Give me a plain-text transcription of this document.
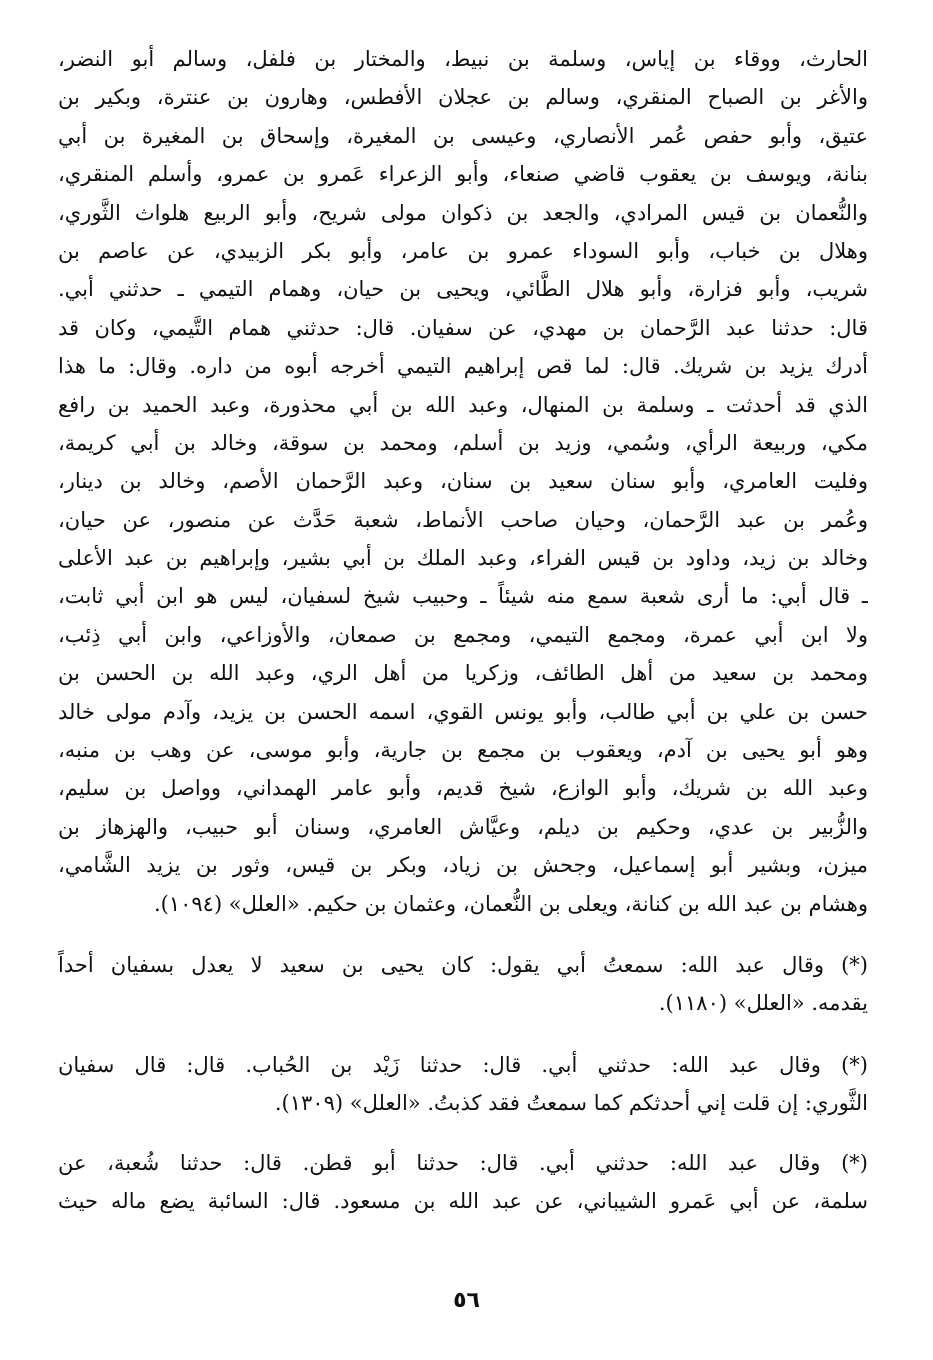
الحارث، ووقاء بن إياس، وسلمة بن نبيط، والمختار بن فلفل، وسالم أبو النضر،
والأغر بن الصباح المنقري، وسالم بن عجلان الأفطس، وهارون بن عنترة، وبكير بن
عتيق، وأبو حفص عُمر الأنصاري، وعيسى بن المغيرة، وإسحاق بن المغيرة بن أبي
بنانة، ويوسف بن يعقوب قاضي صنعاء، وأبو الزعراء عَمرو بن عمرو، وأسلم المنقري،
والنُّعمان بن قيس المرادي، والجعد بن ذكوان مولى شريح، وأبو الربيع هلواث الثَّوري،
وهلال بن خباب، وأبو السوداء عمرو بن عامر، وأبو بكر الزبيدي، عن عاصم بن
شريب، وأبو فزارة، وأبو هلال الطَّائي، ويحيى بن حيان، وهمام التيمي ـ حدثني أبي.
قال: حدثنا عبد الرَّحمان بن مهدي، عن سفيان. قال: حدثني همام التَّيمي، وكان قد
أدرك يزيد بن شريك. قال: لما قص إبراهيم التيمي أخرجه أبوه من داره. وقال: ما هذا
الذي قد أحدثت ـ وسلمة بن المنهال، وعبد الله بن أبي محذورة، وعبد الحميد بن رافع
مكي، وربيعة الرأي، وسُمي، وزيد بن أسلم، ومحمد بن سوقة، وخالد بن أبي كريمة،
وفليت العامري، وأبو سنان سعيد بن سنان، وعبد الرَّحمان الأصم، وخالد بن دينار،
وعُمر بن عبد الرَّحمان، وحيان صاحب الأنماط، شعبة حَدَّث عن منصور، عن حيان،
وخالد بن زيد، وداود بن قيس الفراء، وعبد الملك بن أبي بشير، وإبراهيم بن عبد الأعلى
ـ قال أبي: ما أرى شعبة سمع منه شيئاً ـ وحبيب شيخ لسفيان، ليس هو ابن أبي ثابت،
ولا ابن أبي عمرة، ومجمع التيمي، ومجمع بن صمعان، والأوزاعي، وابن أبي ذِئب،
ومحمد بن سعيد من أهل الطائف، وزكريا من أهل الري، وعبد الله بن الحسن بن
حسن بن علي بن أبي طالب، وأبو يونس القوي، اسمه الحسن بن يزيد، وآدم مولى خالد
وهو أبو يحيى بن آدم، ويعقوب بن مجمع بن جارية، وأبو موسى، عن وهب بن منبه،
وعبد الله بن شريك، وأبو الوازع، شيخ قديم، وأبو عامر الهمداني، وواصل بن سليم،
والزُّبير بن عدي، وحكيم بن ديلم، وعيَّاش العامري، وسنان أبو حبيب، والهزهاز بن
ميزن، وبشير أبو إسماعيل، وجحش بن زياد، وبكر بن قيس، وثور بن يزيد الشَّامي،
وهشام بن عبد الله بن كنانة، ويعلى بن النُّعمان، وعثمان بن حكيم. «العلل» (١٠٩٤).
(*) وقال عبد الله: سمعتُ أبي يقول: كان يحيى بن سعيد لا يعدل بسفيان أحداً
يقدمه. «العلل» (١١٨٠).
(*) وقال عبد الله: حدثني أبي. قال: حدثنا زَيْد بن الحُباب. قال: قال سفيان
الثَّوري: إن قلت إني أحدثكم كما سمعتُ فقد كذبتُ. «العلل» (١٣٠٩).
(*) وقال عبد الله: حدثني أبي. قال: حدثنا أبو قطن. قال: حدثنا شُعبة، عن
سلمة، عن أبي عَمرو الشيباني، عن عبد الله بن مسعود. قال: السائبة يضع ماله حيث
٥٦
